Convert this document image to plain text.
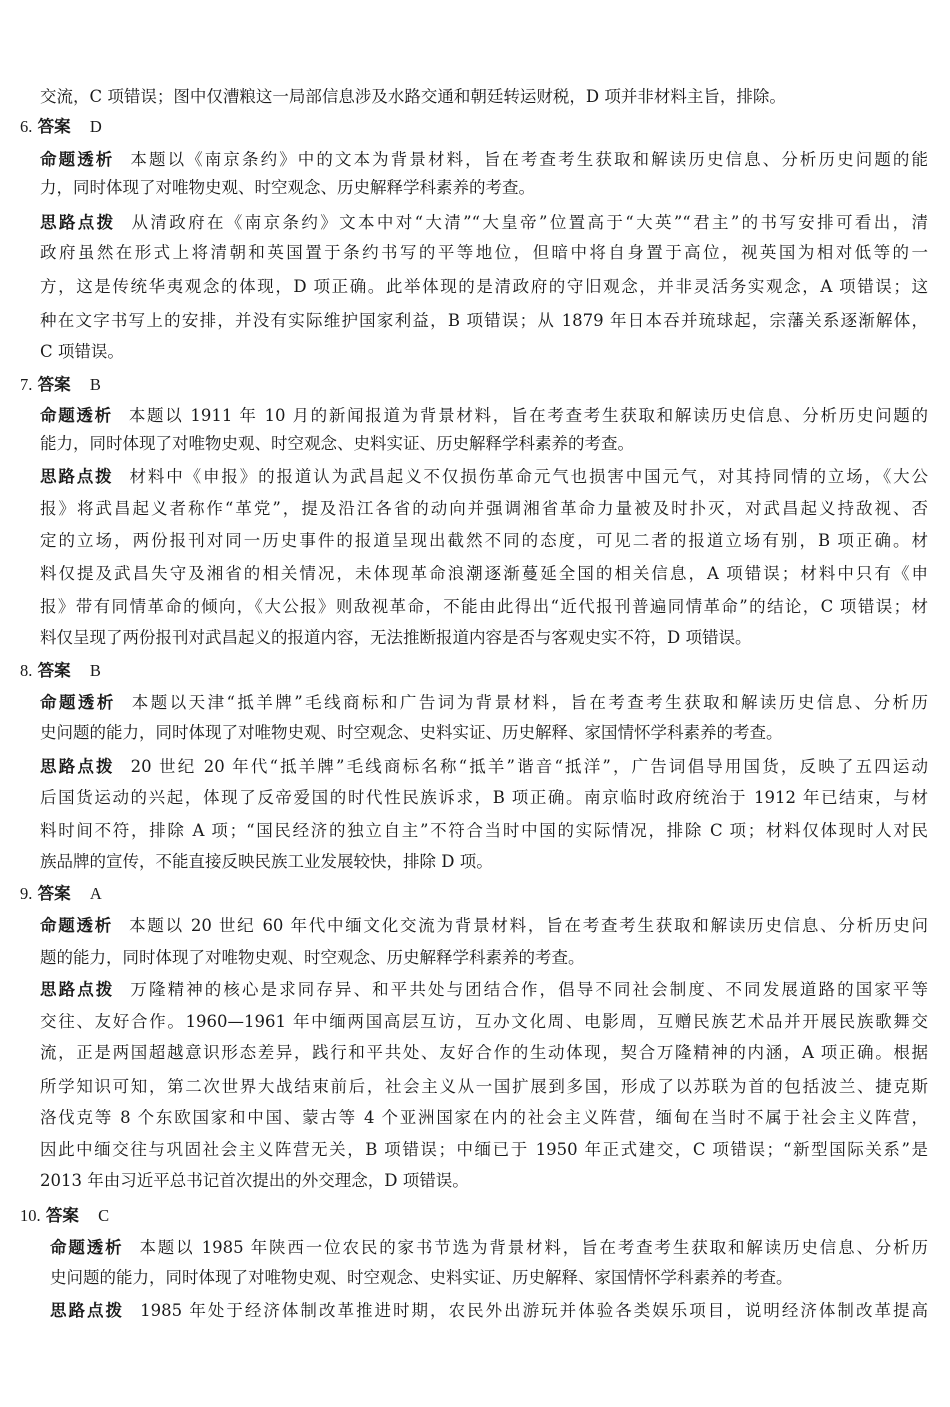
交流，C 项错误；图中仅漕粮这一局部信息涉及水路交通和朝廷转运财税，D 项并非材料主旨，排除。
6. 答案 D
命题透析 本题以《南京条约》中的文本为背景材料，旨在考查考生获取和解读历史信息、分析历史问题的能
力，同时体现了对唯物史观、时空观念、历史解释学科素养的考查。
思路点拨 从清政府在《南京条约》文本中对“大清”“大皇帝”位置高于“大英”“君主”的书写安排可看出，清
政府虽然在形式上将清朝和英国置于条约书写的平等地位，但暗中将自身置于高位，视英国为相对低等的一
方，这是传统华夷观念的体现，D 项正确。此举体现的是清政府的守旧观念，并非灵活务实观念，A 项错误；这
种在文字书写上的安排，并没有实际维护国家利益，B 项错误；从 1879 年日本吞并琉球起，宗藩关系逐渐解体，
C 项错误。
7. 答案 B
命题透析 本题以 1911 年 10 月的新闻报道为背景材料，旨在考查考生获取和解读历史信息、分析历史问题的
能力，同时体现了对唯物史观、时空观念、史料实证、历史解释学科素养的考查。
思路点拨 材料中《申报》的报道认为武昌起义不仅损伤革命元气也损害中国元气，对其持同情的立场，《大公
报》将武昌起义者称作“革党”，提及沿江各省的动向并强调湘省革命力量被及时扑灭，对武昌起义持敌视、否
定的立场，两份报刊对同一历史事件的报道呈现出截然不同的态度，可见二者的报道立场有别，B 项正确。材
料仅提及武昌失守及湘省的相关情况，未体现革命浪潮逐渐蔓延全国的相关信息，A 项错误；材料中只有《申
报》带有同情革命的倾向，《大公报》则敌视革命，不能由此得出“近代报刊普遍同情革命”的结论，C 项错误；材
料仅呈现了两份报刊对武昌起义的报道内容，无法推断报道内容是否与客观史实不符，D 项错误。
8. 答案 B
命题透析 本题以天津“抵羊牌”毛线商标和广告词为背景材料，旨在考查考生获取和解读历史信息、分析历
史问题的能力，同时体现了对唯物史观、时空观念、史料实证、历史解释、家国情怀学科素养的考查。
思路点拨 20 世纪 20 年代“抵羊牌”毛线商标名称“抵羊”谐音“抵洋”，广告词倡导用国货，反映了五四运动
后国货运动的兴起，体现了反帝爱国的时代性民族诉求，B 项正确。南京临时政府统治于 1912 年已结束，与材
料时间不符，排除 A 项；“国民经济的独立自主”不符合当时中国的实际情况，排除 C 项；材料仅体现时人对民
族品牌的宣传，不能直接反映民族工业发展较快，排除 D 项。
9. 答案 A
命题透析 本题以 20 世纪 60 年代中缅文化交流为背景材料，旨在考查考生获取和解读历史信息、分析历史问
题的能力，同时体现了对唯物史观、时空观念、历史解释学科素养的考查。
思路点拨 万隆精神的核心是求同存异、和平共处与团结合作，倡导不同社会制度、不同发展道路的国家平等
交往、友好合作。1960—1961 年中缅两国高层互访，互办文化周、电影周，互赠民族艺术品并开展民族歌舞交
流，正是两国超越意识形态差异，践行和平共处、友好合作的生动体现，契合万隆精神的内涵，A 项正确。根据
所学知识可知，第二次世界大战结束前后，社会主义从一国扩展到多国，形成了以苏联为首的包括波兰、捷克斯
洛伐克等 8 个东欧国家和中国、蒙古等 4 个亚洲国家在内的社会主义阵营，缅甸在当时不属于社会主义阵营，
因此中缅交往与巩固社会主义阵营无关，B 项错误；中缅已于 1950 年正式建交，C 项错误；“新型国际关系”是
2013 年由习近平总书记首次提出的外交理念，D 项错误。
10. 答案 C
命题透析 本题以 1985 年陕西一位农民的家书节选为背景材料，旨在考查考生获取和解读历史信息、分析历
史问题的能力，同时体现了对唯物史观、时空观念、史料实证、历史解释、家国情怀学科素养的考查。
思路点拨 1985 年处于经济体制改革推进时期，农民外出游玩并体验各类娱乐项目，说明经济体制改革提高
